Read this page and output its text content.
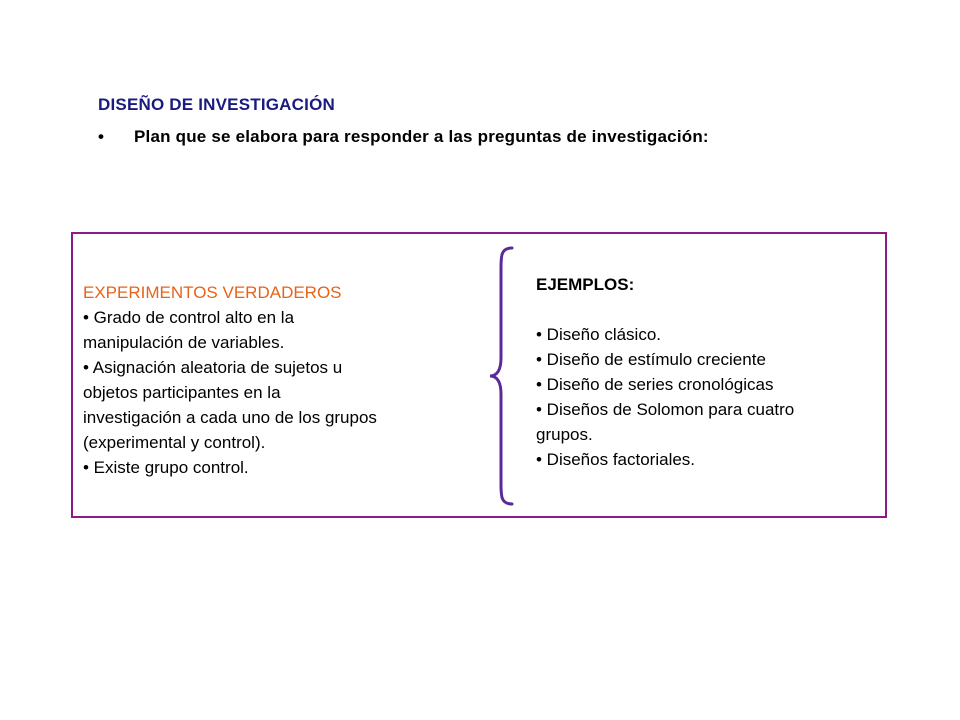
DISEÑO DE INVESTIGACIÓN
• Plan que se elabora para responder a las preguntas de investigación:
EXPERIMENTOS VERDADEROS
• Grado de control alto en la
manipulación de variables.
• Asignación aleatoria de sujetos u
objetos participantes en la
investigación a cada uno de los grupos
(experimental y control).
• Existe grupo control.
EJEMPLOS:
• Diseño clásico.
• Diseño de estímulo creciente
• Diseño de series cronológicas
• Diseños de Solomon para cuatro
grupos.
• Diseños factoriales.
